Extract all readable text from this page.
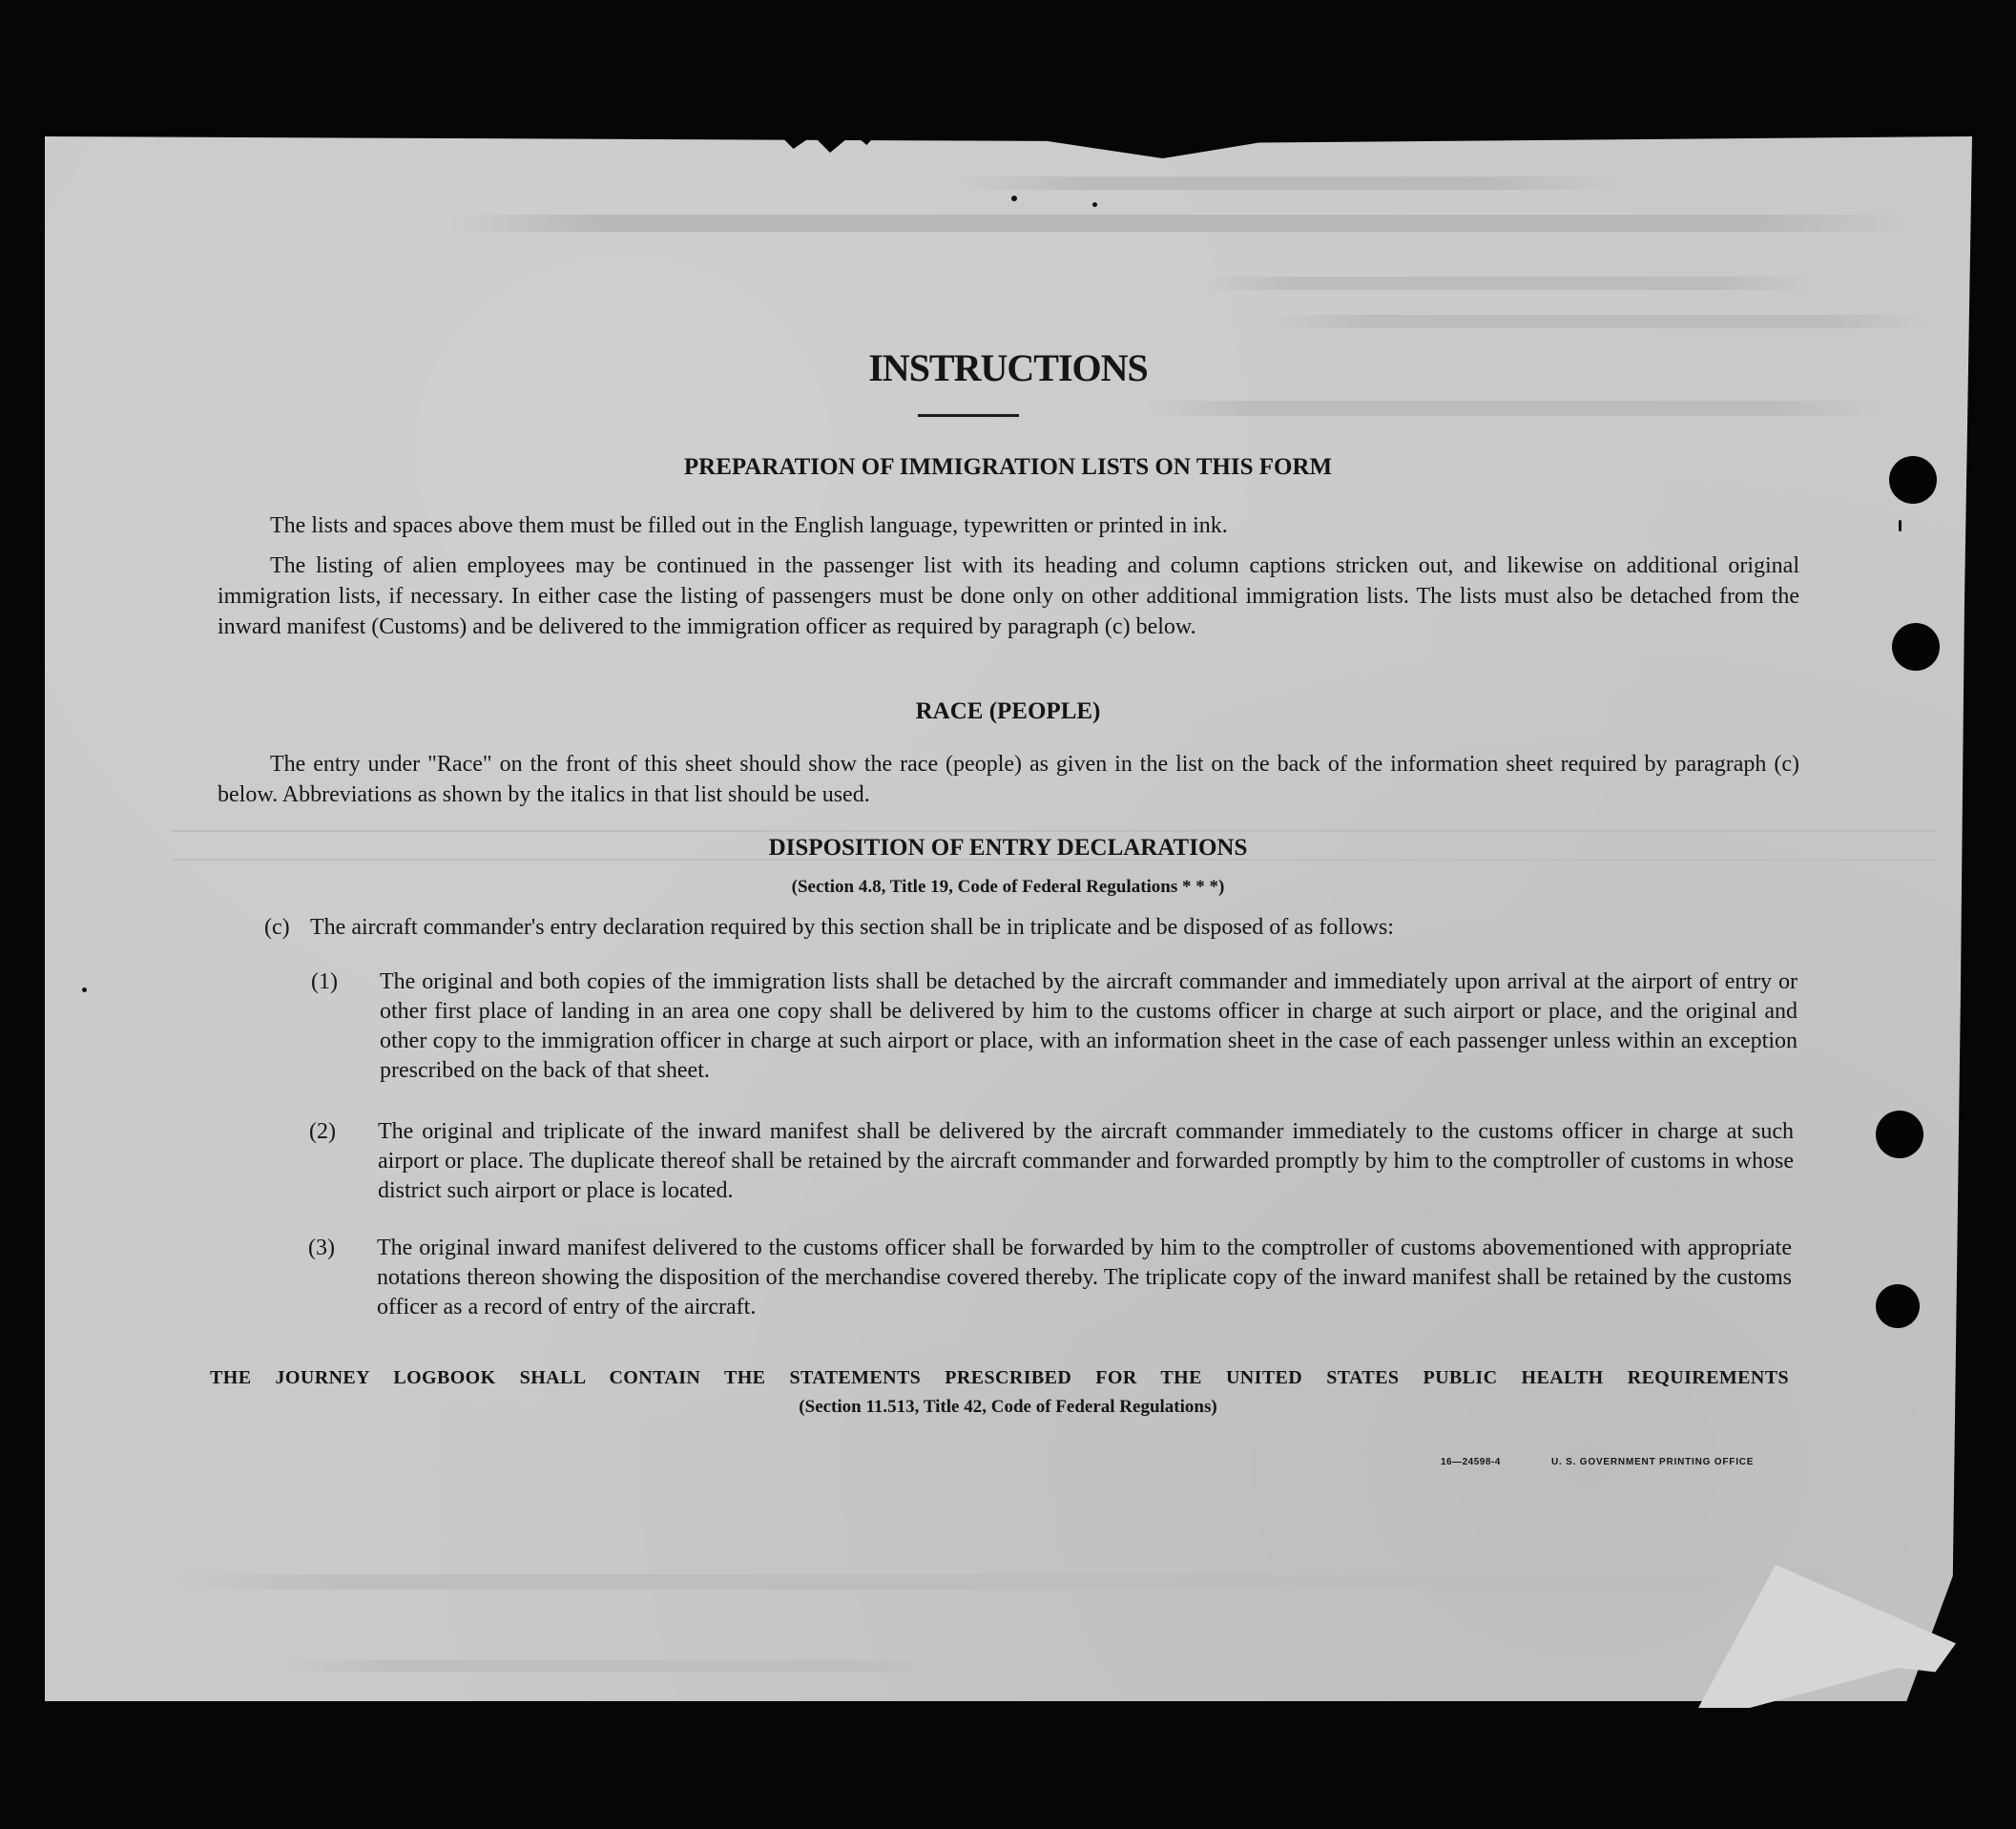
INSTRUCTIONS
PREPARATION OF IMMIGRATION LISTS ON THIS FORM
The lists and spaces above them must be filled out in the English language, typewritten or printed in ink.
The listing of alien employees may be continued in the passenger list with its heading and column captions stricken out, and likewise on additional original immigration lists, if necessary. In either case the listing of passengers must be done only on other additional immigration lists. The lists must also be detached from the inward manifest (Customs) and be delivered to the immigration officer as required by paragraph (c) below.
RACE (PEOPLE)
The entry under "Race" on the front of this sheet should show the race (people) as given in the list on the back of the information sheet required by paragraph (c) below. Abbreviations as shown by the italics in that list should be used.
DISPOSITION OF ENTRY DECLARATIONS
(Section 4.8, Title 19, Code of Federal Regulations * * *)
(c) The aircraft commander's entry declaration required by this section shall be in triplicate and be disposed of as follows:
(1) The original and both copies of the immigration lists shall be detached by the aircraft commander and immediately upon arrival at the airport of entry or other first place of landing in an area one copy shall be delivered by him to the customs officer in charge at such airport or place, and the original and other copy to the immigration officer in charge at such airport or place, with an information sheet in the case of each passenger unless within an exception prescribed on the back of that sheet.
(2) The original and triplicate of the inward manifest shall be delivered by the aircraft commander immediately to the customs officer in charge at such airport or place. The duplicate thereof shall be retained by the aircraft commander and forwarded promptly by him to the comptroller of customs in whose district such airport or place is located.
(3) The original inward manifest delivered to the customs officer shall be forwarded by him to the comptroller of customs abovementioned with appropriate notations thereon showing the disposition of the merchandise covered thereby. The triplicate copy of the inward manifest shall be retained by the customs officer as a record of entry of the aircraft.
THE JOURNEY LOGBOOK SHALL CONTAIN THE STATEMENTS PRESCRIBED FOR THE UNITED STATES PUBLIC HEALTH REQUIREMENTS
(Section 11.513, Title 42, Code of Federal Regulations)
16—24598-4	U. S. GOVERNMENT PRINTING OFFICE
